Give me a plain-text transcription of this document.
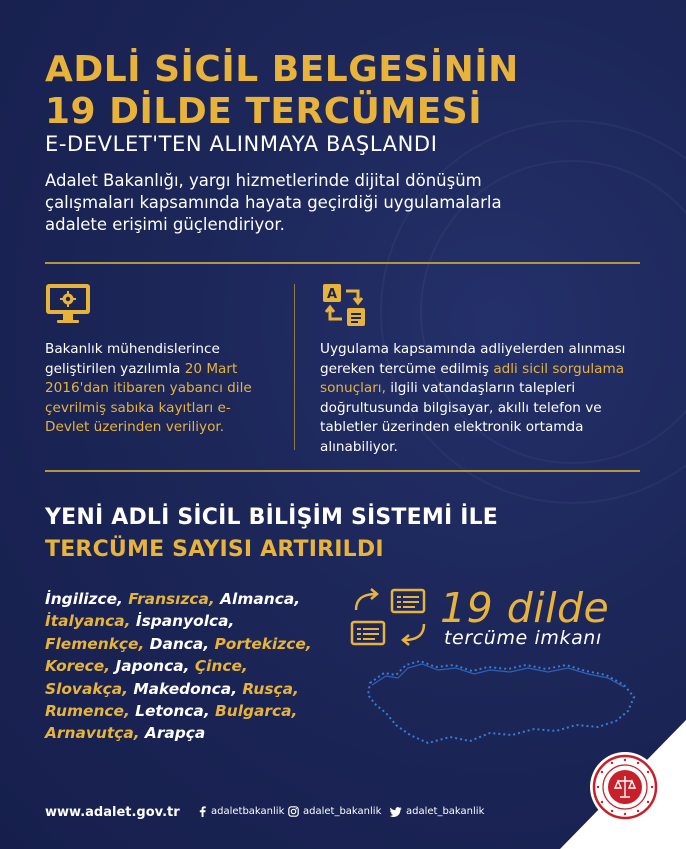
ADLİ SİCİL BELGESİNİN
19 DİLDE TERCÜMESİ
E-DEVLET'TEN ALINMAYA BAŞLANDI
Adalet Bakanlığı, yargı hizmetlerinde dijital dönüşüm çalışmaları kapsamında hayata geçirdiği uygulamalarla adalete erişimi güçlendiriyor.
Bakanlık mühendislerince geliştirilen yazılımla 20 Mart 2016'dan itibaren yabancı dile çevrilmiş sabıka kayıtları e-Devlet üzerinden veriliyor.
A
Uygulama kapsamında adliyelerden alınması gereken tercüme edilmiş adli sicil sorgulama sonuçları, ilgili vatandaşların talepleri doğrultusunda bilgisayar, akıllı telefon ve tabletler üzerinden elektronik ortamda alınabiliyor.
YENİ ADLİ SİCİL BİLİŞİM SİSTEMİ İLE
TERCÜME SAYISI ARTIRILDI
İngilizce, Fransızca, Almanca,
İtalyanca, İspanyolca,
Flemenkçe, Danca, Portekizce,
Korece, Japonca, Çince,
Slovakça, Makedonca, Rusça,
Rumence, Letonca, Bulgarca,
Arnavutça, Arapça
19 dilde
tercüme imkanı
www.adalet.gov.tr	adaletbakanlik adalet_bakanlik adalet_bakanlik
